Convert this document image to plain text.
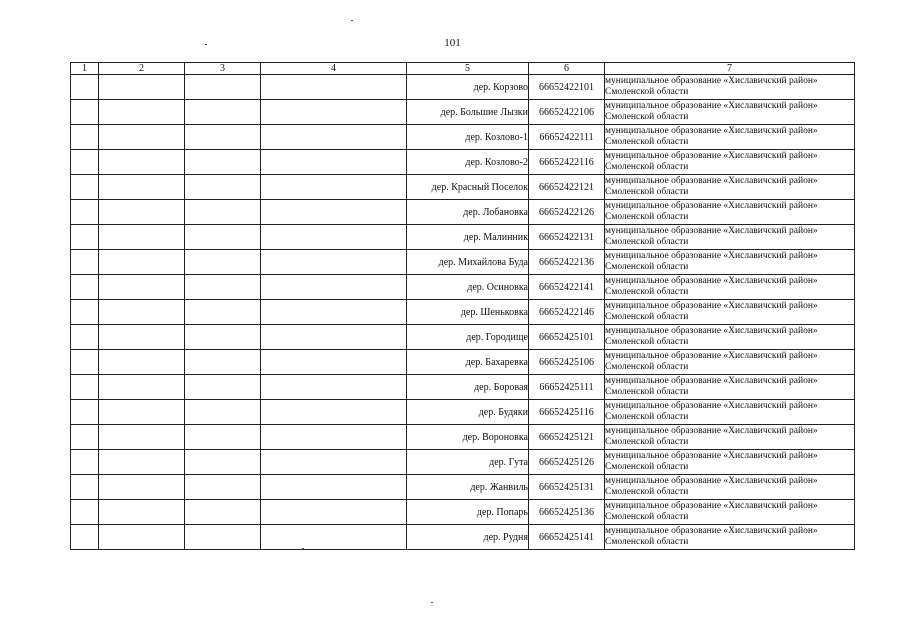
101
1	2	3	4	5	6	7
				дер. Корзово	66652422101	муниципальное образование «Хиславичский район»
Смоленской области

				дер. Большие Лызки	66652422106	муниципальное образование «Хиславичский район»
Смоленской области

				дер. Козлово-1	66652422111	муниципальное образование «Хиславичский район»
Смоленской области

				дер. Козлово-2	66652422116	муниципальное образование «Хиславичский район»
Смоленской области

				дер. Красный Поселок	66652422121	муниципальное образование «Хиславичский район»
Смоленской области

				дер. Лобановка	66652422126	муниципальное образование «Хиславичский район»
Смоленской области

				дер. Малинник	66652422131	муниципальное образование «Хиславичский район»
Смоленской области

				дер. Михайлова Буда	66652422136	муниципальное образование «Хиславичский район»
Смоленской области

				дер. Осиновка	66652422141	муниципальное образование «Хиславичский район»
Смоленской области

				дер. Шеньковка	66652422146	муниципальное образование «Хиславичский район»
Смоленской области

				дер. Городище	66652425101	муниципальное образование «Хиславичский район»
Смоленской области

				дер. Бахаревка	66652425106	муниципальное образование «Хиславичский район»
Смоленской области

				дер. Боровая	66652425111	муниципальное образование «Хиславичский район»
Смоленской области

				дер. Будяки	66652425116	муниципальное образование «Хиславичский район»
Смоленской области

				дер. Вороновка	66652425121	муниципальное образование «Хиславичский район»
Смоленской области

				дер. Гута	66652425126	муниципальное образование «Хиславичский район»
Смоленской области

				дер. Жанвиль	66652425131	муниципальное образование «Хиславичский район»
Смоленской области

				дер. Попарь	66652425136	муниципальное образование «Хиславичский район»
Смоленской области

				дер. Рудня	66652425141	муниципальное образование «Хиславичский район»
Смоленской области
